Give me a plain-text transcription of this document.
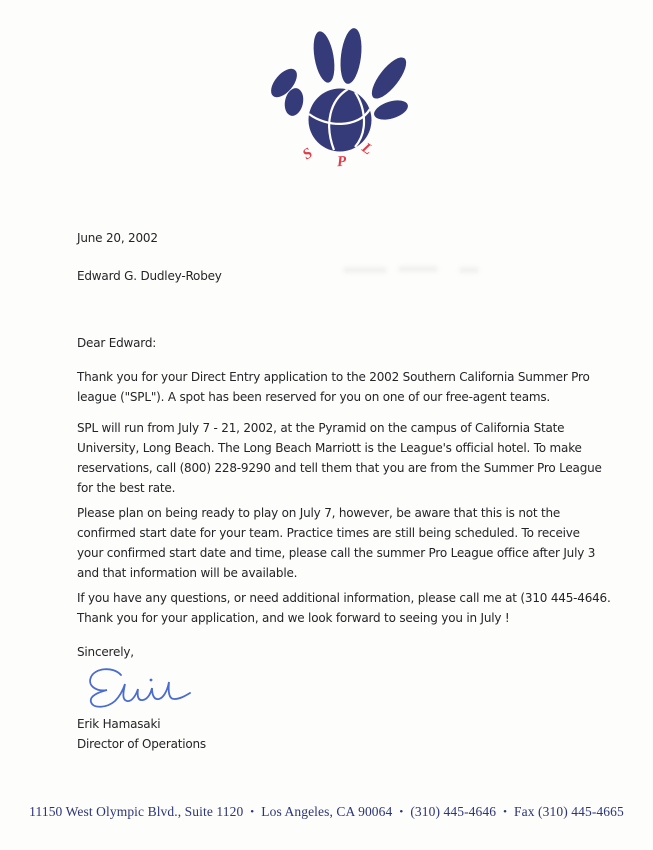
S P
L
June 20, 2002
Edward G. Dudley-Robey
Dear Edward:
Thank you for your Direct Entry application to the 2002 Southern California Summer Pro
league ("SPL"). A spot has been reserved for you on one of our free-agent teams.
SPL will run from July 7 - 21, 2002, at the Pyramid on the campus of California State
University, Long Beach. The Long Beach Marriott is the League's official hotel. To make
reservations, call (800) 228-9290 and tell them that you are from the Summer Pro League
for the best rate.
Please plan on being ready to play on July 7, however, be aware that this is not the
confirmed start date for your team. Practice times are still being scheduled. To receive
your confirmed start date and time, please call the summer Pro League office after July 3
and that information will be available.
If you have any questions, or need additional information, please call me at (310 445-4646.
Thank you for your application, and we look forward to seeing you in July !
Sincerely,
Erik Hamasaki
Director of Operations
11150 West Olympic Blvd., Suite 1120 • Los Angeles, CA 90064 • (310) 445-4646 • Fax (310) 445-4665
